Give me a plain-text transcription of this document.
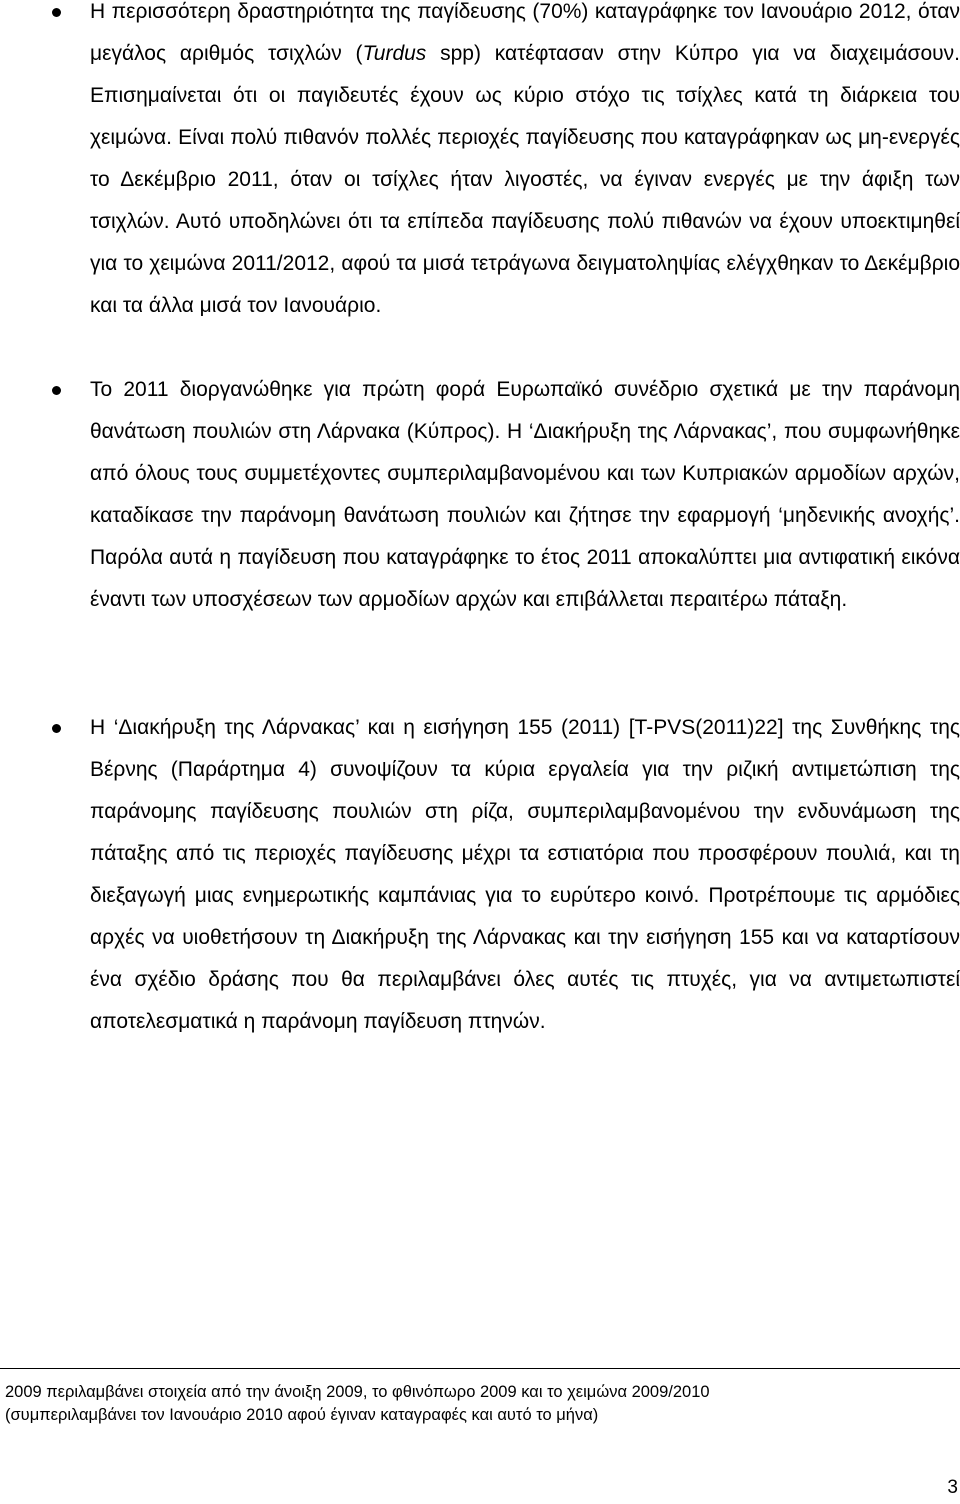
Η περισσότερη δραστηριότητα της παγίδευσης (70%) καταγράφηκε τον Ιανουάριο 2012, όταν μεγάλος αριθμός τσιχλών (Turdus spp) κατέφτασαν στην Κύπρο για να διαχειμάσουν. Επισημαίνεται ότι οι παγιδευτές έχουν ως κύριο στόχο τις τσίχλες κατά τη διάρκεια του χειμώνα. Είναι πολύ πιθανόν πολλές περιοχές παγίδευσης που καταγράφηκαν ως μη-ενεργές το Δεκέμβριο 2011, όταν οι τσίχλες ήταν λιγοστές, να έγιναν ενεργές με την άφιξη των τσιχλών. Αυτό υποδηλώνει ότι τα επίπεδα παγίδευσης πολύ πιθανών να έχουν υποεκτιμηθεί για το χειμώνα 2011/2012, αφού τα μισά τετράγωνα δειγματοληψίας ελέγχθηκαν το Δεκέμβριο και τα άλλα μισά τον Ιανουάριο.
Το 2011 διοργανώθηκε για πρώτη φορά Ευρωπαϊκό συνέδριο σχετικά με την παράνομη θανάτωση πουλιών στη Λάρνακα (Κύπρος). Η ‘Διακήρυξη της Λάρνακας’, που συμφωνήθηκε από όλους τους συμμετέχοντες συμπεριλαμβανομένου και των Κυπριακών αρμοδίων αρχών, καταδίκασε την παράνομη θανάτωση πουλιών και ζήτησε την εφαρμογή ‘μηδενικής ανοχής’. Παρόλα αυτά η παγίδευση που καταγράφηκε το έτος 2011 αποκαλύπτει μια αντιφατική εικόνα έναντι των υποσχέσεων των αρμοδίων αρχών και επιβάλλεται περαιτέρω πάταξη.
Η ‘Διακήρυξη της Λάρνακας’ και η εισήγηση 155 (2011) [T-PVS(2011)22] της Συνθήκης της Βέρνης (Παράρτημα 4) συνοψίζουν τα κύρια εργαλεία για την ριζική αντιμετώπιση της παράνομης παγίδευσης πουλιών στη ρίζα, συμπεριλαμβανομένου την ενδυνάμωση της πάταξης από τις περιοχές παγίδευσης μέχρι τα εστιατόρια που προσφέρουν πουλιά, και τη διεξαγωγή μιας ενημερωτικής καμπάνιας για το ευρύτερο κοινό. Προτρέπουμε τις αρμόδιες αρχές να υιοθετήσουν τη Διακήρυξη της Λάρνακας και την εισήγηση 155 και να καταρτίσουν ένα σχέδιο δράσης που θα περιλαμβάνει όλες αυτές τις πτυχές, για να αντιμετωπιστεί αποτελεσματικά η παράνομη παγίδευση πτηνών.
2009 περιλαμβάνει στοιχεία από την άνοιξη 2009, το φθινόπωρο 2009 και το χειμώνα 2009/2010
(συμπεριλαμβάνει τον Ιανουάριο 2010 αφού έγιναν καταγραφές και αυτό το μήνα)
3
